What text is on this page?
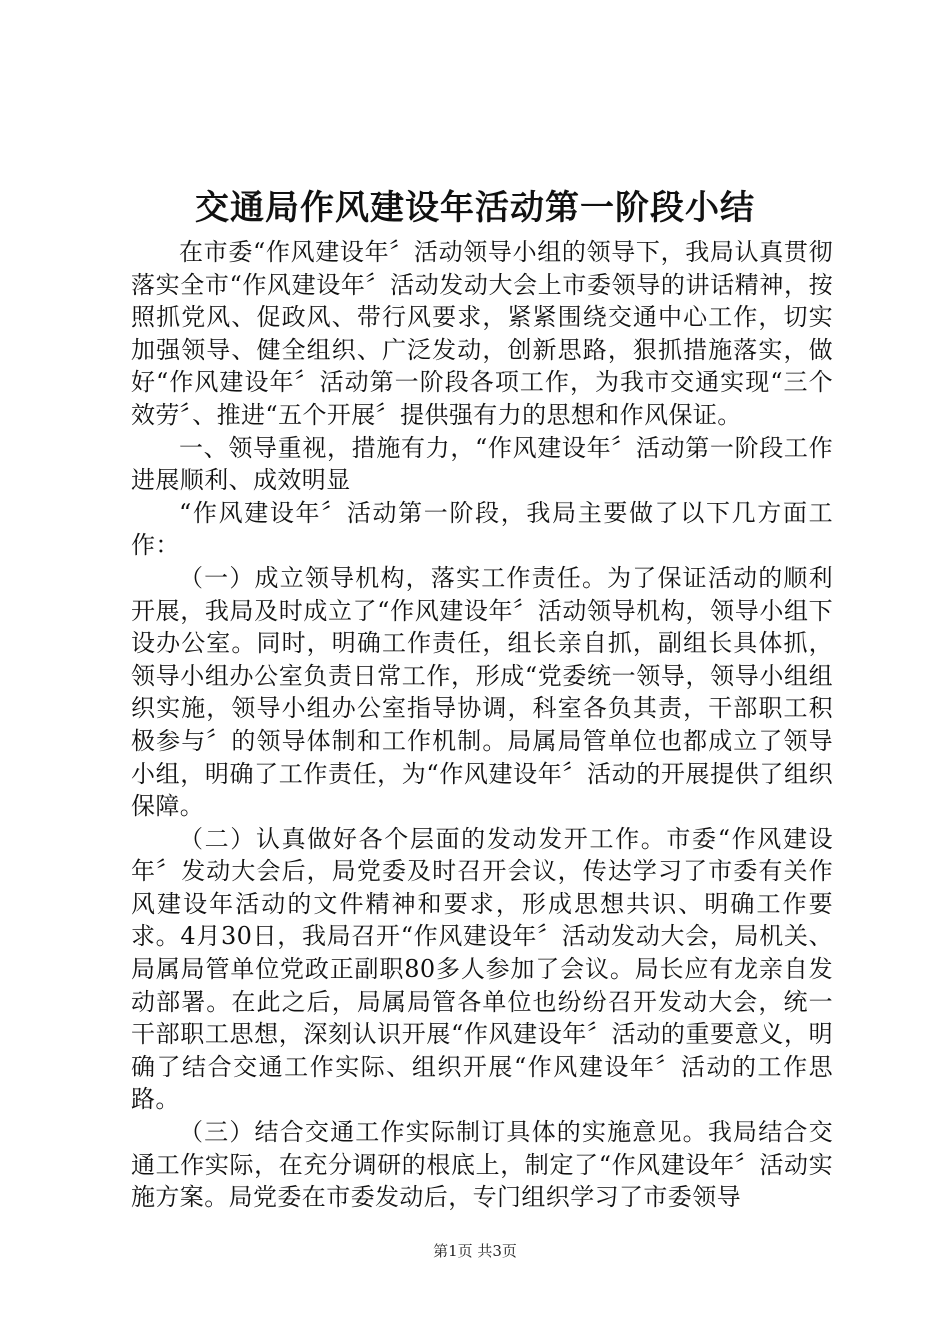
交通局作风建设年活动第一阶段小结

在市委“作风建设年〞活动领导小组的领导下，我局认真贯彻落实全市“作风建设年〞活动发动大会上市委领导的讲话精神，按照抓党风、促政风、带行风要求，紧紧围绕交通中心工作，切实加强领导、健全组织、广泛发动，创新思路，狠抓措施落实，做好“作风建设年〞活动第一阶段各项工作，为我市交通实现“三个效劳〞、推进“五个开展〞提供强有力的思想和作风保证。

一、领导重视，措施有力，“作风建设年〞活动第一阶段工作进展顺利、成效明显

“作风建设年〞活动第一阶段，我局主要做了以下几方面工作：

（一）成立领导机构，落实工作责任。为了保证活动的顺利开展，我局及时成立了“作风建设年〞活动领导机构，领导小组下设办公室。同时，明确工作责任，组长亲自抓，副组长具体抓，领导小组办公室负责日常工作，形成“党委统一领导，领导小组组织实施，领导小组办公室指导协调，科室各负其责，干部职工积极参与〞的领导体制和工作机制。局属局管单位也都成立了领导小组，明确了工作责任，为“作风建设年〞活动的开展提供了组织保障。

（二）认真做好各个层面的发动发开工作。市委“作风建设年〞发动大会后，局党委及时召开会议，传达学习了市委有关作风建设年活动的文件精神和要求，形成思想共识、明确工作要求。4月30日，我局召开“作风建设年〞活动发动大会，局机关、局属局管单位党政正副职80多人参加了会议。局长应有龙亲自发动部署。在此之后，局属局管各单位也纷纷召开发动大会，统一干部职工思想，深刻认识开展“作风建设年〞活动的重要意义，明确了结合交通工作实际、组织开展“作风建设年〞活动的工作思路。

（三）结合交通工作实际制订具体的实施意见。我局结合交通工作实际，在充分调研的根底上，制定了“作风建设年〞活动实施方案。局党委在市委发动后，专门组织学习了市委领导

第1页 共3页
